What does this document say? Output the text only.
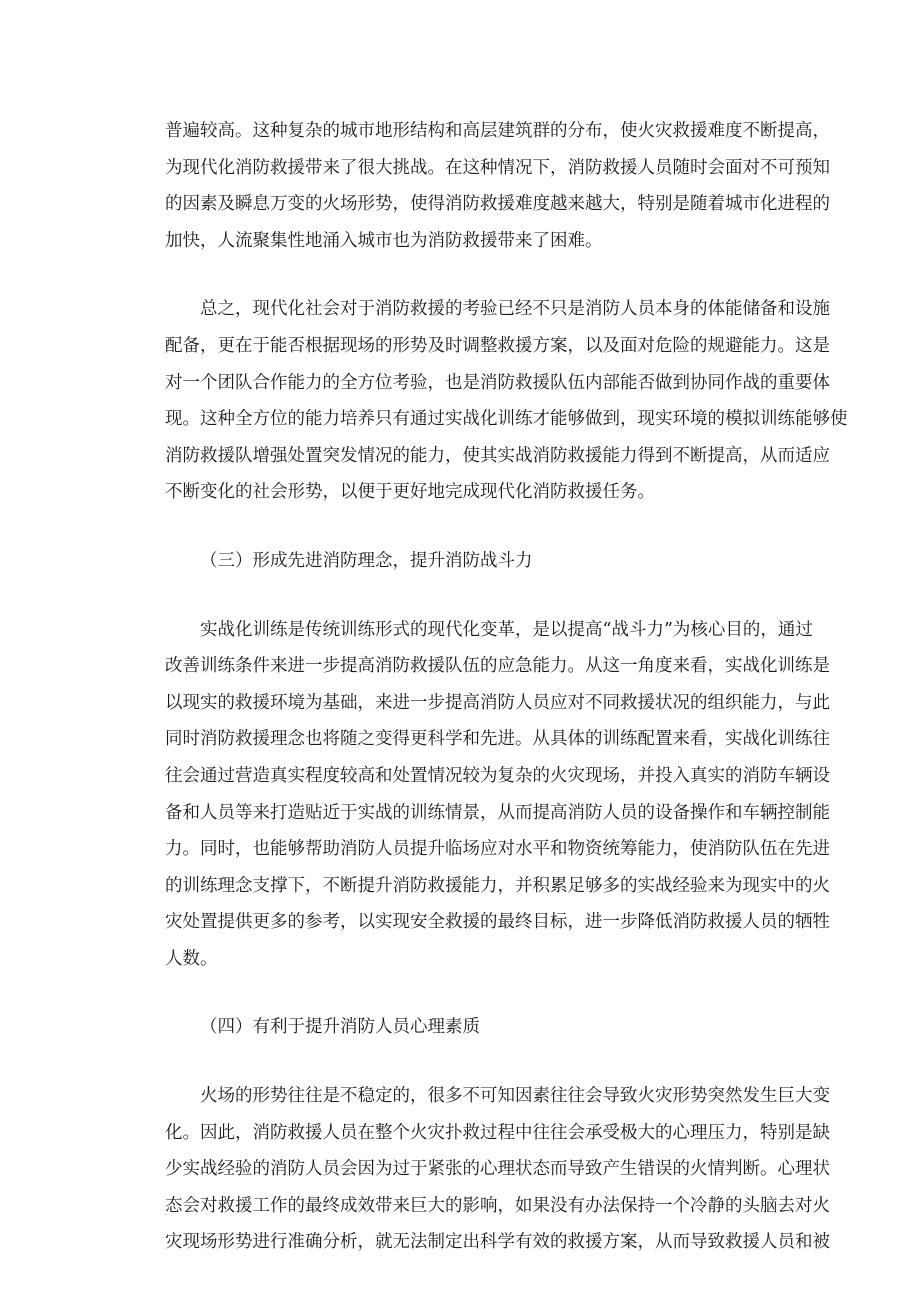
普遍较高。这种复杂的城市地形结构和高层建筑群的分布，使火灾救援难度不断提高，
为现代化消防救援带来了很大挑战。在这种情况下，消防救援人员随时会面对不可预知
的因素及瞬息万变的火场形势，使得消防救援难度越来越大，特别是随着城市化进程的
加快，人流聚集性地涌入城市也为消防救援带来了困难。

　　总之，现代化社会对于消防救援的考验已经不只是消防人员本身的体能储备和设施
配备，更在于能否根据现场的形势及时调整救援方案，以及面对危险的规避能力。这是
对一个团队合作能力的全方位考验，也是消防救援队伍内部能否做到协同作战的重要体
现。这种全方位的能力培养只有通过实战化训练才能够做到，现实环境的模拟训练能够使
消防救援队增强处置突发情况的能力，使其实战消防救援能力得到不断提高，从而适应
不断变化的社会形势，以便于更好地完成现代化消防救援任务。

（三）形成先进消防理念，提升消防战斗力

　　实战化训练是传统训练形式的现代化变革，是以提高“战斗力”为核心目的，通过
改善训练条件来进一步提高消防救援队伍的应急能力。从这一角度来看，实战化训练是
以现实的救援环境为基础，来进一步提高消防人员应对不同救援状况的组织能力，与此
同时消防救援理念也将随之变得更科学和先进。从具体的训练配置来看，实战化训练往
往会通过营造真实程度较高和处置情况较为复杂的火灾现场，并投入真实的消防车辆设
备和人员等来打造贴近于实战的训练情景，从而提高消防人员的设备操作和车辆控制能
力。同时，也能够帮助消防人员提升临场应对水平和物资统筹能力，使消防队伍在先进
的训练理念支撑下，不断提升消防救援能力，并积累足够多的实战经验来为现实中的火
灾处置提供更多的参考，以实现安全救援的最终目标，进一步降低消防救援人员的牺牲
人数。

（四）有利于提升消防人员心理素质

　　火场的形势往往是不稳定的，很多不可知因素往往会导致火灾形势突然发生巨大变
化。因此，消防救援人员在整个火灾扑救过程中往往会承受极大的心理压力，特别是缺
少实战经验的消防人员会因为过于紧张的心理状态而导致产生错误的火情判断。心理状
态会对救援工作的最终成效带来巨大的影响，如果没有办法保持一个冷静的头脑去对火
灾现场形势进行准确分析，就无法制定出科学有效的救援方案，从而导致救援人员和被
